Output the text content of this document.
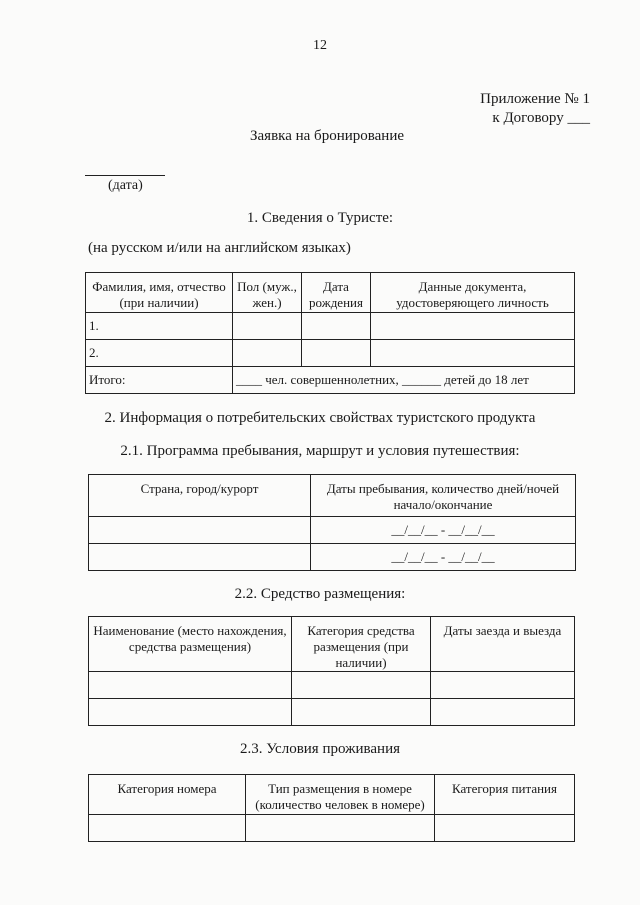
12
Приложение № 1
к Договору ___
Заявка на бронирование
(дата)
1. Сведения о Туристе:
(на русском и/или на английском языках)
Фамилия, имя, отчество (при наличии)	Пол (муж., жен.)	Дата рождения	Данные документа, удостоверяющего личность
1.			
2.			
Итого:	____ чел. совершеннолетних, ______ детей до 18 лет		
2. Информация о потребительских свойствах туристского продукта
2.1. Программа пребывания, маршрут и условия путешествия:
Страна, город/курорт	Даты пребывания, количество дней/ночей начало/окончание
	__/__/__ - __/__/__
	__/__/__ - __/__/__
2.2. Средство размещения:
Наименование (место нахождения, средства размещения)	Категория средства размещения (при наличии)	Даты заезда и выезда

2.3. Условия проживания
Категория номера	Тип размещения в номере (количество человек в номере)	Категория питания
